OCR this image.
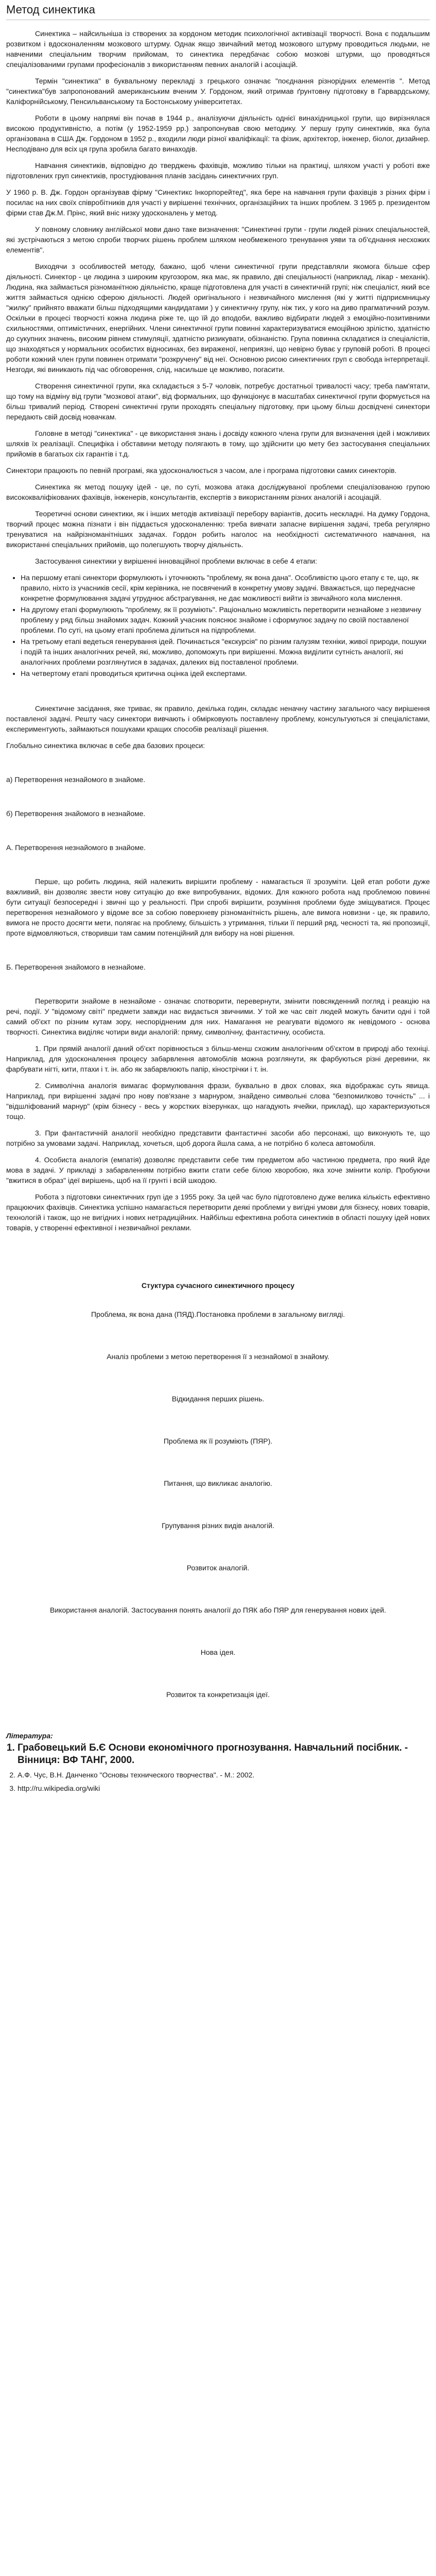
Метод синектика

Синектика – найсильніша із створених за кордоном методик психологічної активізації творчості. Вона є подальшим розвитком і вдосконаленням мозкового штурму. Однак якщо звичайний метод мозкового штурму проводиться людьми, не навченими спеціальним творчим прийомам, то синектика передбачає собою мозкові штурми, що проводяться спеціалізованими групами професіоналів з використанням певних аналогій і асоціацій.

Термін "синектика" в буквальному перекладі з грецького означає "поєднання різнорідних елементів ". Метод "синектика"був запропонований американським вченим У. Гордоном, який отримав ґрунтовну підготовку в Гарвардському, Каліфорнійському, Пенсильванському та Бостонському університетах.

Роботи в цьому напрямі він почав в 1944 р., аналізуючи діяльність однієї винахідницької групи, що вирізнялася високою продуктивністю, а потім (у 1952-1959 рр.) запропонував свою методику. У першу групу синектиків, яка була організована в США Дж. Гордоном в 1952 р., входили люди різної кваліфікації: та фізик, архітектор, інженер, біолог, дизайнер. Несподівано для всіх ця група зробила багато винаходів.

Навчання синектиків, відповідно до тверджень фахівців, можливо тільки на практиці, шляхом участі у роботі вже підготовлених груп синектиків, простудіювання планів засідань синектичних груп.

У 1960 р. В. Дж. Гордон організував фірму "Синектикс Інкорпорейтед", яка бере на навчання групи фахівців з різних фірм і посилає на них своїх співробітників для участі у вирішенні технічних, організаційних та інших проблем. З 1965 р. президентом фірми став Дж.М. Прінс, який вніс низку удосконалень у метод.

У повному словнику англійської мови дано таке визначення: "Синектичні групи - групи людей різних спеціальностей, які зустрічаються з метою спроби творчих рішень проблем шляхом необмеженого тренування уяви та об'єднання несхожих елементів".

Виходячи з особливостей методу, бажано, щоб члени синектичної групи представляли якомога більше сфер діяльності. Синектор - це людина з широким кругозором, яка має, як правило, дві спеціальності (наприклад, лікар - механік). Людина, яка займається різноманітною діяльністю, краще підготовлена для участі в синектичній групі; ніж спеціаліст, який все життя займається однією сферою діяльності. Людей оригінального і незвичайного мислення (які у житті підприємницьку "жилку" прийнято вважати більш підходящими кандидатами ) у синектичну групу, ніж тих, у кого на диво прагматичний розум. Оскільки в процесі творчості кожна людина ріже те, що їй до вподоби, важливо відбирати людей з емоційно-позитивними схильностями, оптимістичних, енергійних. Члени синектичної групи повинні характеризуватися емоційною зрілістю, здатністю до сукупних значень, високим рівнем стимуляції, здатністю ризикувати, обізнаністю. Група повинна складатися із спеціалістів, що знаходяться у нормальних особистих відносинах, без вираженої, неприязні, що невірно буває у груповій роботі. В процесі роботи кожний член групи повинен отримати "розкручену" від неї. Основною рисою синектичних груп є свобода інтерпретації. Незгоди, які виникають під час обговорення, слід, насильше це можливо, погасити.

Створення синектичної групи, яка складається з 5-7 чоловік, потребує достатньої тривалості часу; треба пам'ятати, що тому на відміну від групи "мозкової атаки", від формальних, що функціонує в масштабах синектичної групи формується на більш тривалий період. Створені синектичні групи проходять спеціальну підготовку, при цьому більш досвідчені синектори передають свій досвід новачкам.

Головне в методі "синектика" - це використання знань і досвіду кожного члена групи для визначення ідей і можливих шляхів їх реалізації. Специфіка і обставини методу полягають в тому, що здійснити цю мету без застосування спеціальних прийомів в багатьох сіх гарантів і т.д.

Синектори працюють по певній програмі, яка удосконалюється з часом, але і програма підготовки самих синекторів.

Синектика як метод пошуку ідей - це, по суті, мозкова атака досліджуваної проблеми спеціалізованою групою висококваліфікованих фахівців, інженерів, консультантів, експертів з використанням різних аналогій і асоціацій.

Теоретичні основи синектики, як і інших методів активізації перебору варіантів, досить нескладні. На думку Гордона, творчий процес можна пізнати і він піддається удосконаленню: треба вивчати запасне вирішення задачі, треба регулярно тренуватися на найрізноманітніших задачах. Гордон робить наголос на необхідності систематичного навчання, на використанні спеціальних прийомів, що полегшують творчу діяльність.

Застосування синектики у вирішенні інноваційної проблеми включає в себе 4 етапи:

• На першому етапі синектори формулюють і уточнюють "проблему, як вона дана". Особливістю цього етапу є те, що, як правило, ніхто із учасників сесії, крім керівника, не посвячений в конкретну умову задачі. Вважається, що передчасне конкретне формулювання задачі утруднює абстрагування, не дає можливості вийти із звичайного кола мислення.
• На другому етапі формулюють "проблему, як її розуміють". Раціонально можливість перетворити незнайоме з незвичну проблему у ряд більш знайомих задач. Кожний учасник пояснює знайоме і сформулює задачу по своїй поставленої проблеми. По суті, на цьому етапі проблема ділиться на підпроблеми.
• На третьому етапі ведеться генерування ідей. Починається "екскурсія" по різним галузям техніки, живої природи, пошуки і подій та інших аналогічних речей, які, можливо, допоможуть при вирішенні. Можна виділити сутність аналогії, які аналогічних проблеми розглянутися в задачах, далеких від поставленої проблеми.
• На четвертому етапі проводиться критична оцінка ідей експертами.

Синектичне засідання, яке триває, як правило, декілька годин, складає неначну частину загального часу вирішення поставленої задачі. Решту часу синектори вивчають і обмірковують поставлену проблему, консультуються зі спеціалістами, експериментують, займаються пошуками кращих способів реалізації рішення.

Глобально синектика включає в себе два базових процеси:

а) Перетворення незнайомого в знайоме.

б) Перетворення знайомого в незнайоме.

А. Перетворення незнайомого в знайоме.

Перше, що робить людина, якій належить вирішити проблему - намагається її зрозуміти. Цей етап роботи дуже важливий, він дозволяє звести нову ситуацію до вже випробуваних, відомих. Для кожного робота над проблемою повинні бути ситуації безпосередні і звичні що у реальності. При спробі вирішити, розуміння проблеми буде зміщуватися. Процес перетворення незнайомого у відоме все за собою поверхневу різноманітність рішень, але вимога новизни - це, як правило, вимога не просто досягти мети, полягає на проблему, більшість з утримання, тільки її перший ряд, чесності та, які пропозиції, проте відмовляються, створивши там самим потенційний для вибору на нові рішення.

Б. Перетворення знайомого в незнайоме.

Перетворити знайоме в незнайоме - означає спотворити, перевернути, змінити повсякденний погляд і реакцію на речі, події. У "відомому світі" предмети завжди нас видається звичними. У той же час світ людей можуть бачити одні і той самий об'єкт по різним кутам зору, неспорідненим для них. Намагання не реагувати відомого як невідомого - основа творчості. Синектика виділяє чотири види аналогій: пряму, символічну, фантастичну, особиста.

1. При прямій аналогії даний об'єкт порівнюється з більш-менш схожим аналогічним об'єктом в природі або техніці. Наприклад, для удосконалення процесу забарвлення автомобілів можна розглянути, як фарбуються різні деревини, як фарбувати нігті, кити, птахи і т. ін. або як забарвлюють папір, кінострічки і т. ін.

2. Символічна аналогія вимагає формулювання фрази, буквально в двох словах, яка відображає суть явища. Наприклад, при вирішенні задачі про нову пов'язане з марнуром, знайдено символьні слова "безпомилково точність" ... і "відшліфований марнур" (крім бізнесу - весь у жорстких візерунках, що нагадують ячейки, приклад), що характеризуються тощо.

3. При фантастичній аналогії необхідно представити фантастичні засоби або персонажі, що виконують те, що потрібно за умовами задачі. Наприклад, хочеться, щоб дорога йшла сама, а не потрібно б колеса автомобіля.

4. Особиста аналогія (емпатія) дозволяє представити себе тим предметом або частиною предмета, про який йде мова в задачі. У прикладі з забарвленням потрібно вжити стати себе білою хворобою, яка хоче змінити колір. Пробуючи "вжитися в образ" ідеї вирішень, щоб на її грунті і всій шкодою.

Робота з підготовки синектичних груп іде з 1955 року. За цей час було підготовлено дуже велика кількість ефективно працюючих фахівців. Синектика успішно намагається перетворити деякі проблеми у вигідні умови для бізнесу, нових товарів, технологій і також, що не вигідних і нових нетрадиційних. Найбільш ефективна робота синектиків в області пошуку ідей нових товарів, у створенні ефективної і незвичайної реклами.

Стуктура сучасного синектичного процесу
Проблема, як вона дана (ПЯД).Постановка проблеми в загальному вигляді.
Аналіз проблеми з метою перетворення її з незнайомої в знайому.
Відкидання перших рішень.
Проблема як її розуміють (ПЯР).
Питання, що викликає аналогію.
Групування різних видів аналогій.
Розвиток аналогій.
Використання аналогій. Застосування понять аналогії до ПЯК або ПЯР для генерування нових ідей.
Нова ідея.
Розвиток та конкретизація ідеї.
Література:
1. Грабовецький Б.Є Основи економічного прогнозування. Навчальний посібник. - Вінниця: ВФ ТАНГ, 2000.
2. А.Ф. Чус, В.Н. Данченко "Основы технического творчества". - М.: 2002.
3. http://ru.wikipedia.org/wiki
